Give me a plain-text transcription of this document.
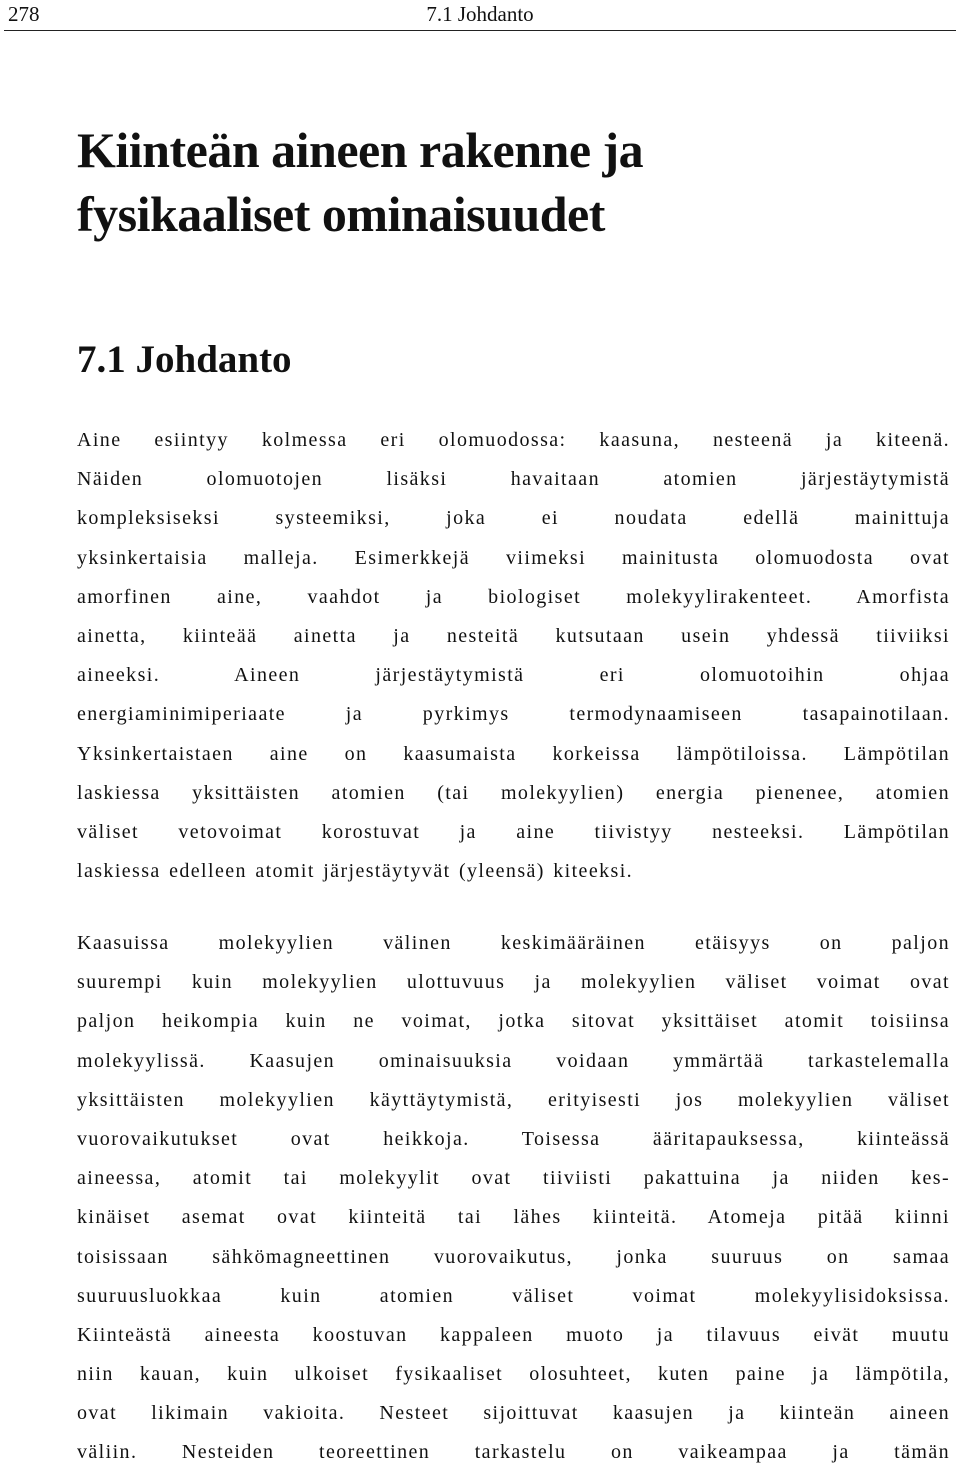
278	7.1 Johdanto
Kiinteän aineen rakenne ja
fysikaaliset ominaisuudet
7.1 Johdanto
Aine esiintyy kolmessa eri olomuodossa: kaasuna, nesteenä ja kiteenä.
Näiden olomuotojen lisäksi havaitaan atomien järjestäytymistä
kompleksiseksi systeemiksi, joka ei noudata edellä mainittuja
yksinkertaisia malleja. Esimerkkejä viimeksi mainitusta olomuodosta ovat
amorfinen aine, vaahdot ja biologiset molekyylirakenteet. Amorfista
ainetta, kiinteää ainetta ja nesteitä kutsutaan usein yhdessä tiiviiksi
aineeksi. Aineen järjestäytymistä eri olomuotoihin ohjaa
energiaminimiperiaate ja pyrkimys termodynaamiseen tasapainotilaan.
Yksinkertaistaen aine on kaasumaista korkeissa lämpötiloissa. Lämpötilan
laskiessa yksittäisten atomien (tai molekyylien) energia pienenee, atomien
väliset vetovoimat korostuvat ja aine tiivistyy nesteeksi. Lämpötilan
laskiessa edelleen atomit järjestäytyvät (yleensä) kiteeksi.
Kaasuissa molekyylien välinen keskimääräinen etäisyys on paljon
suurempi kuin molekyylien ulottuvuus ja molekyylien väliset voimat ovat
paljon heikompia kuin ne voimat, jotka sitovat yksittäiset atomit toisiinsa
molekyylissä. Kaasujen ominaisuuksia voidaan ymmärtää tarkastelemalla
yksittäisten molekyylien käyttäytymistä, erityisesti jos molekyylien väliset
vuorovaikutukset ovat heikkoja. Toisessa ääritapauksessa, kiinteässä
aineessa, atomit tai molekyylit ovat tiiviisti pakattuina ja niiden kes-
kinäiset asemat ovat kiinteitä tai lähes kiinteitä. Atomeja pitää kiinni
toisissaan sähkömagneettinen vuorovaikutus, jonka suuruus on samaa
suuruusluokkaa kuin atomien väliset voimat molekyylisidoksissa.
Kiinteästä aineesta koostuvan kappaleen muoto ja tilavuus eivät muutu
niin kauan, kuin ulkoiset fysikaaliset olosuhteet, kuten paine ja lämpötila,
ovat likimain vakioita. Nesteet sijoittuvat kaasujen ja kiinteän aineen
väliin. Nesteiden teoreettinen tarkastelu on vaikeampaa ja tämän
